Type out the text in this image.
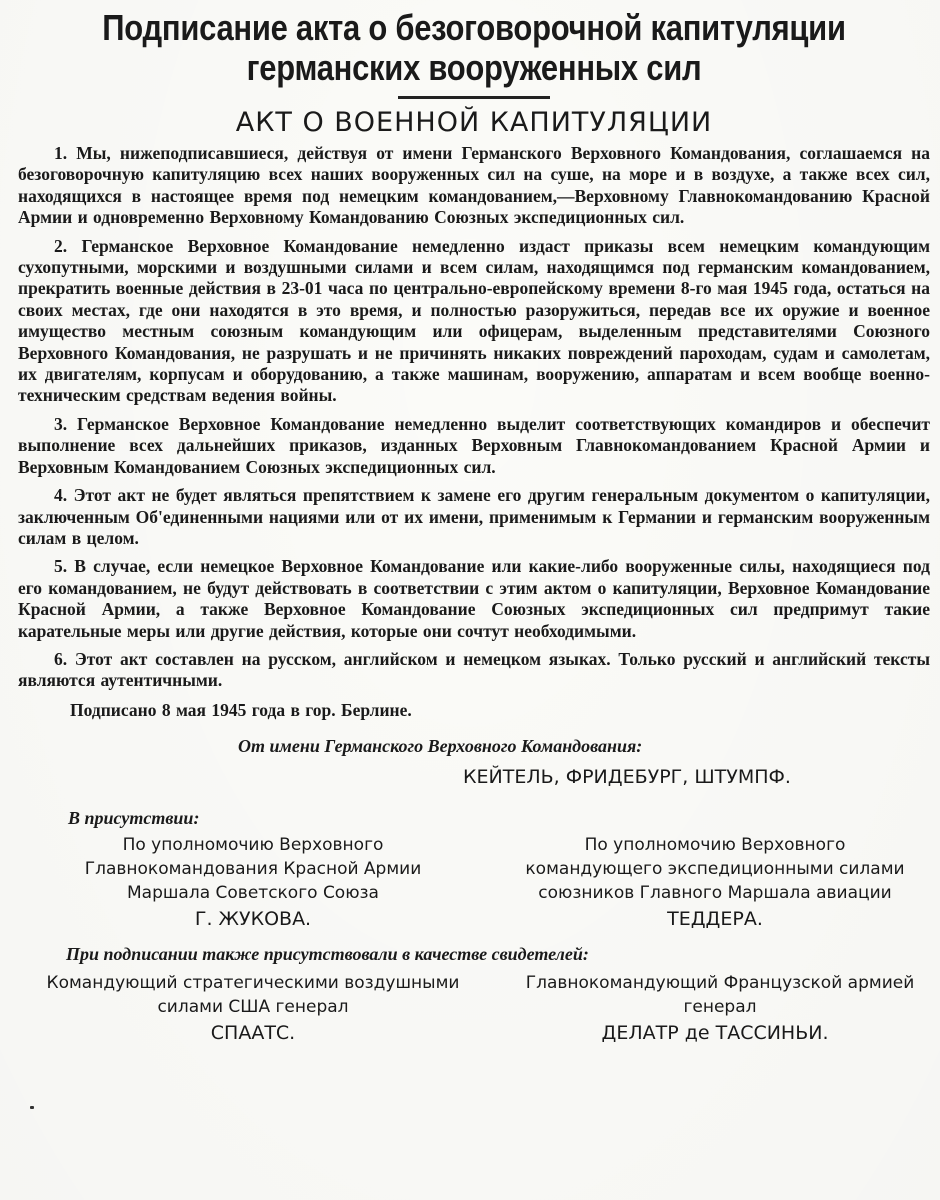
Подписание акта о безоговорочной капитуляции
германских вооруженных сил
АКТ О ВОЕННОЙ КАПИТУЛЯЦИИ

1. Мы, нижеподписавшиеся, действуя от имени Германского Верховного Командования, соглашаемся на безоговорочную капитуляцию всех наших вооруженных сил на суше, на море и в воздухе, а также всех сил, находящихся в настоящее время под немецким командованием,—Верховному Главнокомандованию Красной Армии и одновременно Верховному Командованию Союзных экспедиционных сил.

2. Германское Верховное Командование немедленно издаст приказы всем немецким командующим сухопутными, морскими и воздушными силами и всем силам, находящимся под германским командованием, прекратить военные действия в 23-01 часа по центрально-европейскому времени 8-го мая 1945 года, остаться на своих местах, где они находятся в это время, и полностью разоружиться, передав все их оружие и военное имущество местным союзным командующим или офицерам, выделенным представителями Союзного Верховного Командования, не разрушать и не причинять никаких повреждений пароходам, судам и самолетам, их двигателям, корпусам и оборудованию, а также машинам, вооружению, аппаратам и всем вообще военно-техническим средствам ведения войны.

3. Германское Верховное Командование немедленно выделит соответствующих командиров и обеспечит выполнение всех дальнейших приказов, изданных Верховным Главнокомандованием Красной Армии и Верховным Командованием Союзных экспедиционных сил.

4. Этот акт не будет являться препятствием к замене его другим генеральным документом о капитуляции, заключенным Об'единенными нациями или от их имени, применимым к Германии и германским вооруженным силам в целом.

5. В случае, если немецкое Верховное Командование или какие-либо вооруженные силы, находящиеся под его командованием, не будут действовать в соответствии с этим актом о капитуляции, Верховное Командование Красной Армии, а также Верховное Командование Союзных экспедиционных сил предпримут такие карательные меры или другие действия, которые они сочтут необходимыми.

6. Этот акт составлен на русском, английском и немецком языках. Только русский и английский тексты являются аутентичными.

Подписано 8 мая 1945 года в гор. Берлине.

От имени Германского Верховного Командования:
КЕЙТЕЛЬ, ФРИДЕБУРГ, ШТУМПФ.
В присутствии:
По уполномочию Верховного
Главнокомандования Красной Армии
Маршала Советского Союза
Г. ЖУКОВА.
По уполномочию Верховного
командующего экспедиционными силами
союзников Главного Маршала авиации
ТЕДДЕРА.
При подписании также присутствовали в качестве свидетелей:
Командующий стратегическими воздушными силами США генерал
СПААТС.
Главнокомандующий Французской армией генерал
ДЕЛАТР де ТАССИНЬИ.
